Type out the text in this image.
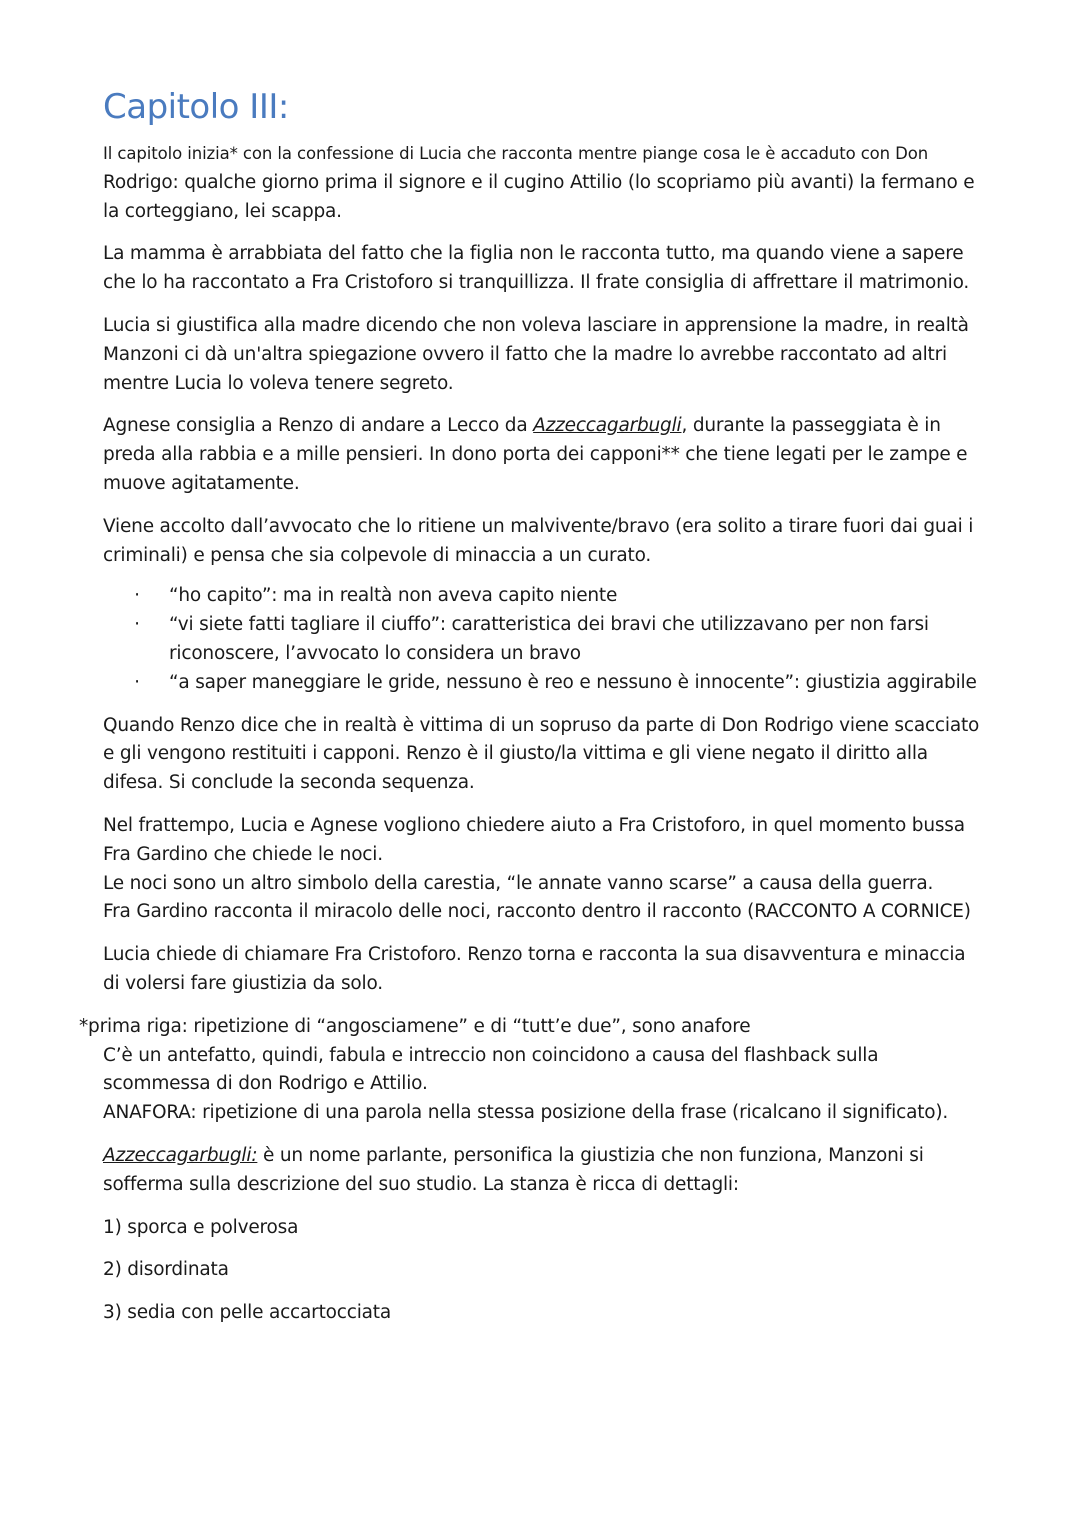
Capitolo III:

Il capitolo inizia* con la confessione di Lucia che racconta mentre piange cosa le è accaduto con Don
Rodrigo: qualche giorno prima il signore e il cugino Attilio (lo scopriamo più avanti) la fermano e la corteggiano, lei scappa.

La mamma è arrabbiata del fatto che la figlia non le racconta tutto, ma quando viene a sapere che lo ha raccontato a Fra Cristoforo si tranquillizza. Il frate consiglia di affrettare il matrimonio.

Lucia si giustifica alla madre dicendo che non voleva lasciare in apprensione la madre, in realtà Manzoni ci dà un'altra spiegazione ovvero il fatto che la madre lo avrebbe raccontato ad altri mentre Lucia lo voleva tenere segreto.

Agnese consiglia a Renzo di andare a Lecco da Azzeccagarbugli, durante la passeggiata è in preda alla rabbia e a mille pensieri. In dono porta dei capponi** che tiene legati per le zampe e muove agitatamente.

Viene accolto dall’avvocato che lo ritiene un malvivente/bravo (era solito a tirare fuori dai guai i criminali) e pensa che sia colpevole di minaccia a un curato.

· “ho capito”: ma in realtà non aveva capito niente
· “vi siete fatti tagliare il ciuffo”: caratteristica dei bravi che utilizzavano per non farsi riconoscere, l’avvocato lo considera un bravo
· “a saper maneggiare le gride, nessuno è reo e nessuno è innocente”: giustizia aggirabile

Quando Renzo dice che in realtà è vittima di un sopruso da parte di Don Rodrigo viene scacciato e gli vengono restituiti i capponi. Renzo è il giusto/la vittima e gli viene negato il diritto alla difesa. Si conclude la seconda sequenza.

Nel frattempo, Lucia e Agnese vogliono chiedere aiuto a Fra Cristoforo, in quel momento bussa Fra Gardino che chiede le noci.
Le noci sono un altro simbolo della carestia, “le annate vanno scarse” a causa della guerra.
Fra Gardino racconta il miracolo delle noci, racconto dentro il racconto (RACCONTO A CORNICE)

Lucia chiede di chiamare Fra Cristoforo. Renzo torna e racconta la sua disavventura e minaccia di volersi fare giustizia da solo.

*prima riga: ripetizione di “angosciamene” e di “tutt’e due”, sono anafore
C’è un antefatto, quindi, fabula e intreccio non coincidono a causa del flashback sulla scommessa di don Rodrigo e Attilio.
ANAFORA: ripetizione di una parola nella stessa posizione della frase (ricalcano il significato).

Azzeccagarbugli: è un nome parlante, personifica la giustizia che non funziona, Manzoni si sofferma sulla descrizione del suo studio. La stanza è ricca di dettagli:

1) sporca e polverosa

2) disordinata

3) sedia con pelle accartocciata
